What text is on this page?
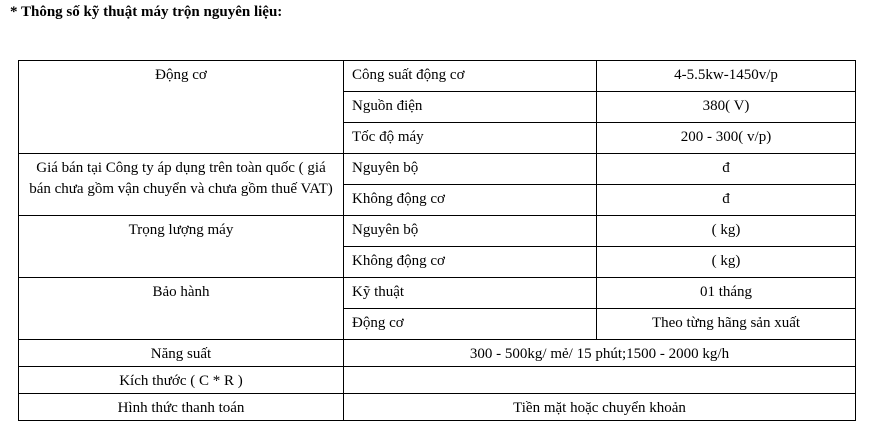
* Thông số kỹ thuật máy trộn nguyên liệu:
Động cơ	Công suất động cơ	4-5.5kw-1450v/p
	Nguồn điện	380( V)
	Tốc độ máy	200 - 300( v/p)
Giá bán tại Công ty áp dụng trên toàn quốc ( giá bán chưa gồm vận chuyển và chưa gồm thuế VAT)	Nguyên bộ	đ
	Không động cơ	đ
Trọng lượng máy	Nguyên bộ	( kg)
	Không động cơ	( kg)
Bảo hành	Kỹ thuật	01 tháng
	Động cơ	Theo từng hãng sản xuất
Năng suất	300 - 500kg/ mẻ/ 15 phút;1500 - 2000 kg/h	
Kích thước ( C * R )		
Hình thức thanh toán	Tiền mặt hoặc chuyển khoản	
